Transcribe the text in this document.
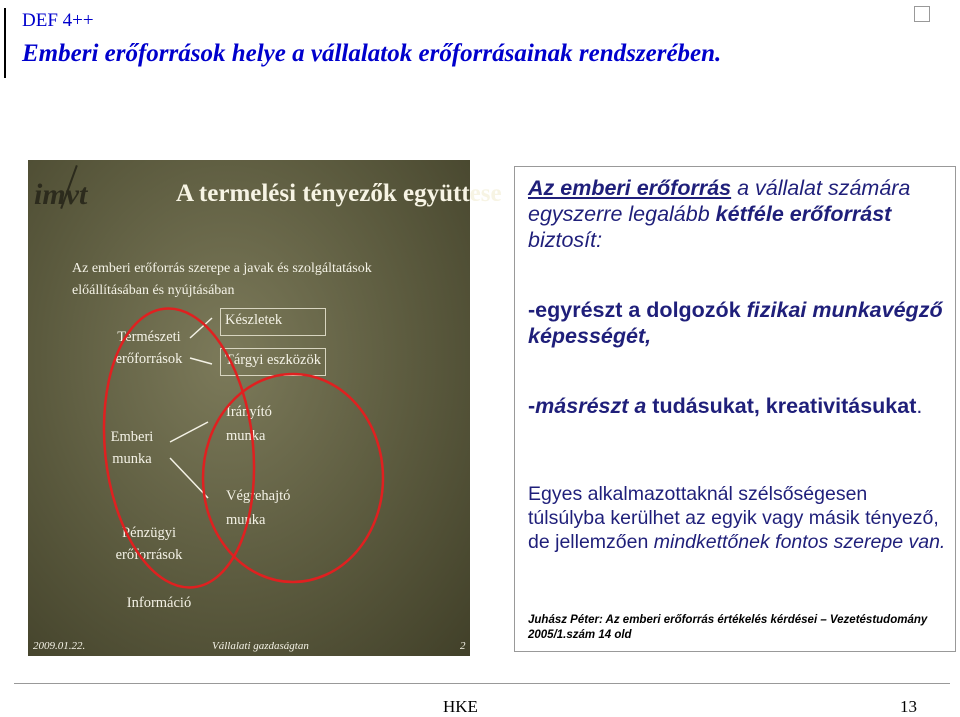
DEF 4++
Emberi erőforrások helye a vállalatok erőforrásainak rendszerében.
imvt	A termelési tényezők együttese
Az emberi erőforrás szerepe a javak és szolgáltatások előállításában és nyújtásában
Természeti erőforrások
Emberi munka
Pénzügyi erőforrások
Információ
Készletek
Tárgyi eszközök
Irányító munka
Végrehajtó munka
2009.01.22.	Vállalati gazdaságtan	2
Az emberi erőforrás a vállalat számára egyszerre legalább kétféle erőforrást biztosít:
-egyrészt a dolgozók fizikai munkavégző képességét,
-másrészt a tudásukat, kreativitásukat.
Egyes alkalmazottaknál szélsőségesen túlsúlyba kerülhet az egyik vagy másik tényező, de jellemzően mindkettőnek fontos szerepe van.
Juhász Péter: Az emberi erőforrás értékelés kérdései – Vezetéstudomány 2005/1.szám 14 old
HKE	13
